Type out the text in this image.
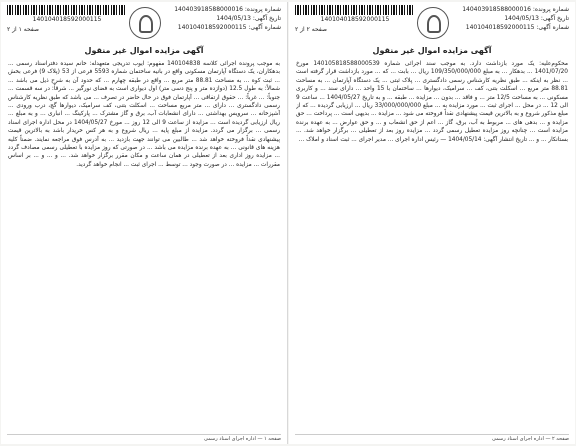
140104018592000115
صفحه ۱ از ۲
شماره پرونده: 140403918588000016
تاریخ آگهی: 1404/05/13
شماره آگهی: 140104018592000115
آگهی مزایده اموال غیر منقول

به موجب پرونده اجرائی کلاسه 140104838 مفهوم: ایوب تدریجی متعهدله: خانم سیده دفتراسناد رسمی ... بدهکاران، یک دستگاه آپارتمان مسکونی واقع در بانیه ساختمان شماره 5593 فرعی از 53 (پلاک 9) فرعی بخش ... ثبت کوه ... به مساحت 88.81 متر مربع ... واقع در طبقه چهارم ... که حدود آن به شرح ذیل می باشد ... شمالاً: به طول 12.5 (دوازده متر و پنج دسی متر) اول دیواری است به فضای نورگیر ... شرقاً: در سه قسمت ... جنوباً: ... غرباً: ... حقوق ارتفاقی ... آپارتمان فوق در حال حاضر در تصرف ... می باشد که طبق نظریه کارشناس رسمی دادگستری ... دارای ... متر مربع مساحت ... اسکلت بتنی، کف سرامیک، دیوارها گچ، درب ورودی ... آشپزخانه ... سرویس بهداشتی ... دارای انشعابات آب، برق و گاز مشترک ... پارکینگ ... انباری ... و به مبلغ ... ریال ارزیابی گردیده است ... مزایده از ساعت 9 الی 12 روز ... مورخ 1404/05/27 در محل اداره اجرای اسناد رسمی ... برگزار می گردد. مزایده از مبلغ پایه ... ریال شروع و به هر کس خریدار باشد به بالاترین قیمت پیشنهادی نقداً فروخته خواهد شد ... طالبین می توانند جهت بازدید ... به آدرس فوق مراجعه نمایند. ضمناً کلیه هزینه های قانونی ... به عهده برنده مزایده می باشد ... در صورتی که روز مزایده با تعطیلی رسمی مصادف گردد ... مزایده روز اداری بعد از تعطیلی در همان ساعت و مکان مقرر برگزار خواهد شد. ... و ... و ... بر اساس مقررات ... مزایده ... در صورت وجود ... توسط ... اجرای ثبت ... انجام خواهد گردید.

صفحه ۱ — اداره اجرای اسناد رسمی
140104018592000115
صفحه ۲ از ۲
شماره پرونده: 140403918588000016
تاریخ آگهی: 1404/05/13
شماره آگهی: 140104018592000115
آگهی مزایده اموال غیر منقول

محکوم‌علیه: یک مورد بازداشت دارد. به موجب سند اجرائی شماره 140105818588000539 مورخ 1401/07/20 ... بدهکار ... به مبلغ 109/350/000/000 ریال ... بابت ... که ... مورد بازداشت قرار گرفته است ... نظر به اینکه ... طبق نظریه کارشناس رسمی دادگستری ... پلاک ثبتی ... یک دستگاه آپارتمان ... به مساحت 88.81 متر مربع ... اسکلت بتنی، کف ... سرامیک، دیوارها ... ساختمان با 15 واحد ... دارای سند ... و کاربری مسکونی ... به مساحت 12/5 متر ... و فاقد ... بدون ... مزایده ... طبقه ... و به تاریخ 1404/05/27 ... ساعت 9 الی 12 ... در محل ... اجرای ثبت ... مورد مزایده به ... مبلغ 33/000/000/000 ریال ... ارزیابی گردیده ... که از مبلغ مذکور شروع و به بالاترین قیمت پیشنهادی نقداً فروخته می شود ... مزایده ... بدیهی است ... پرداخت ... حق مزایده و ... بدهی های ... مربوط به آب، برق، گاز ... اعم از حق انشعاب و ... و حق عوارض ... به عهده برنده مزایده است ... چنانچه روز مزایده تعطیل رسمی گردد ... مزایده روز بعد از تعطیلی ... برگزار خواهد شد. ... بستانکار ... و ... تاریخ انتشار آگهی: 1404/05/14 — رئیس اداره اجرای ... مدیر اجرای ... ثبت اسناد و املاک ...

صفحه ۲ — اداره اجرای اسناد رسمی
